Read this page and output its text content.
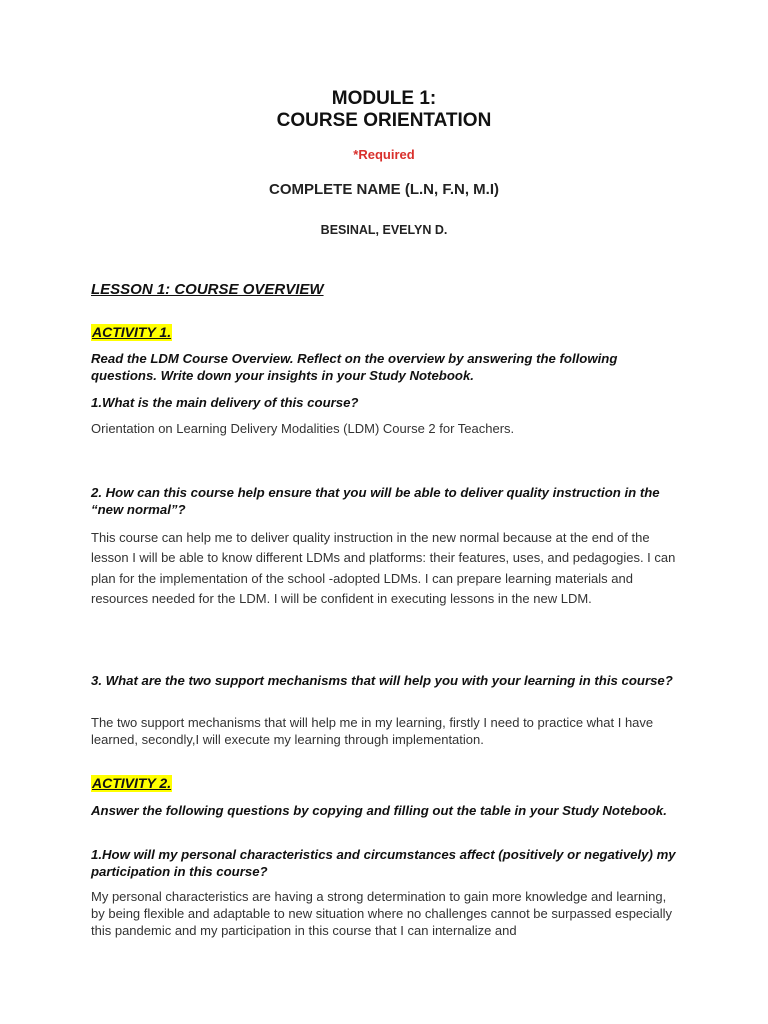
MODULE 1:

COURSE ORIENTATION

*Required

COMPLETE NAME (L.N, F.N, M.I)

BESINAL, EVELYN D.

LESSON 1: COURSE OVERVIEW

ACTIVITY 1.

Read the LDM Course Overview. Reflect on the overview by answering the following questions. Write down your insights in your Study Notebook.

1.What is the main delivery of this course?

Orientation on Learning Delivery Modalities (LDM) Course 2 for Teachers.

2. How can this course help ensure that you will be able to deliver quality instruction in the “new normal”?

This course can help me to deliver quality instruction in the new normal because at the end of the lesson I will be able to know different LDMs and platforms: their features, uses, and pedagogies. I can plan for the implementation of the school -adopted LDMs. I can prepare learning materials and resources needed for the LDM. I will be confident in executing lessons in the new LDM.

3. What are the two support mechanisms that will help you with your learning in this course?

The two support mechanisms that will help me in my learning, firstly I need to practice what I have learned, secondly,I will execute my learning through implementation.

ACTIVITY 2.

Answer the following questions by copying and filling out the table in your Study Notebook.

1.How will my personal characteristics and circumstances affect (positively or negatively) my participation in this course?

My personal characteristics are having a strong determination to gain more knowledge and learning, by being flexible and adaptable to new situation where no challenges cannot be surpassed especially this pandemic and my participation in this course that I can internalize and
